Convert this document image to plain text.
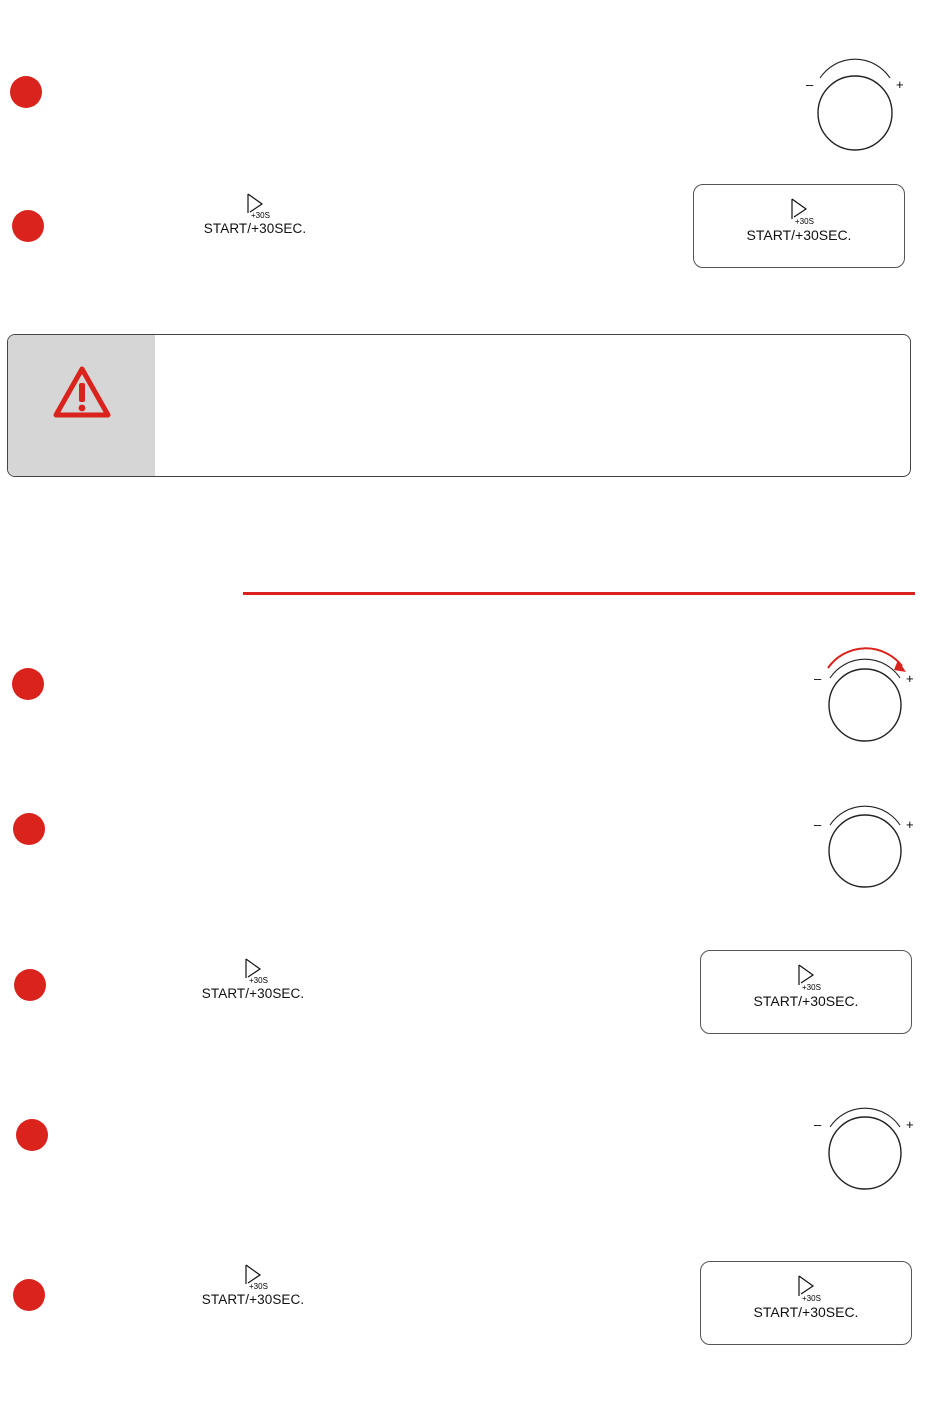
–	+
+30S
START/+30SEC.	+30S
START/+30SEC.
–	+
–	+
+30S
START/+30SEC.	+30S
START/+30SEC.
–	+
+30S
START/+30SEC.	+30S
START/+30SEC.
